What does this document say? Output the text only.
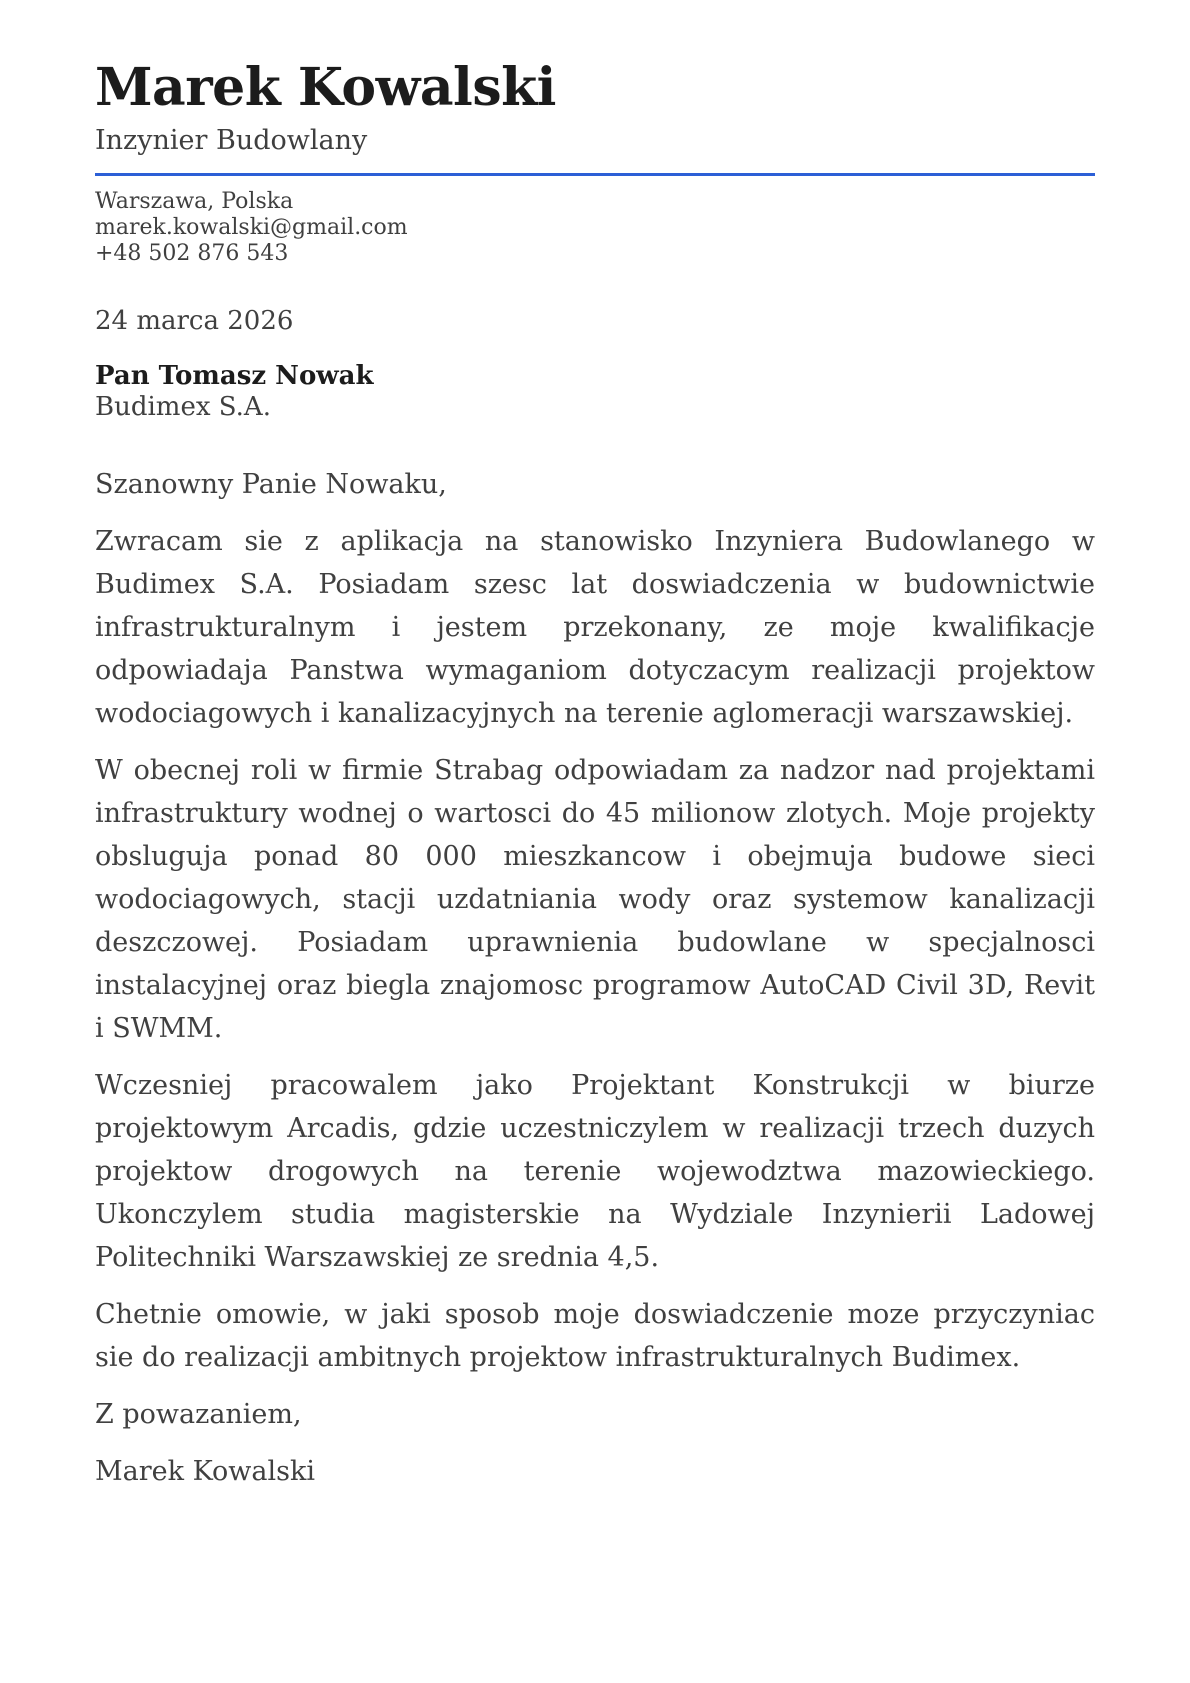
Marek Kowalski
Inzynier Budowlany
Warszawa, Polska
marek.kowalski@gmail.com
+48 502 876 543
24 marca 2026
Pan Tomasz Nowak
Budimex S.A.

Szanowny Panie Nowaku,

Zwracam sie z aplikacja na stanowisko Inzyniera Budowlanego w Budimex S.A. Posiadam szesc lat doswiadczenia w budownictwie infrastrukturalnym i jestem przekonany, ze moje kwalifikacje odpowiadaja Panstwa wymaganiom dotyczacym realizacji projektow wodociagowych i kanalizacyjnych na terenie aglomeracji warszawskiej.

W obecnej roli w firmie Strabag odpowiadam za nadzor nad projektami infrastruktury wodnej o wartosci do 45 milionow zlotych. Moje projekty obsluguja ponad 80 000 mieszkancow i obejmuja budowe sieci wodociagowych, stacji uzdatniania wody oraz systemow kanalizacji deszczowej. Posiadam uprawnienia budowlane w specjalnosci instalacyjnej oraz biegla znajomosc programow AutoCAD Civil 3D, Revit i SWMM.

Wczesniej pracowalem jako Projektant Konstrukcji w biurze projektowym Arcadis, gdzie uczestniczylem w realizacji trzech duzych projektow drogowych na terenie wojewodztwa mazowieckiego. Ukonczylem studia magisterskie na Wydziale Inzynierii Ladowej Politechniki Warszawskiej ze srednia 4,5.

Chetnie omowie, w jaki sposob moje doswiadczenie moze przyczyniac sie do realizacji ambitnych projektow infrastrukturalnych Budimex.

Z powazaniem,

Marek Kowalski
